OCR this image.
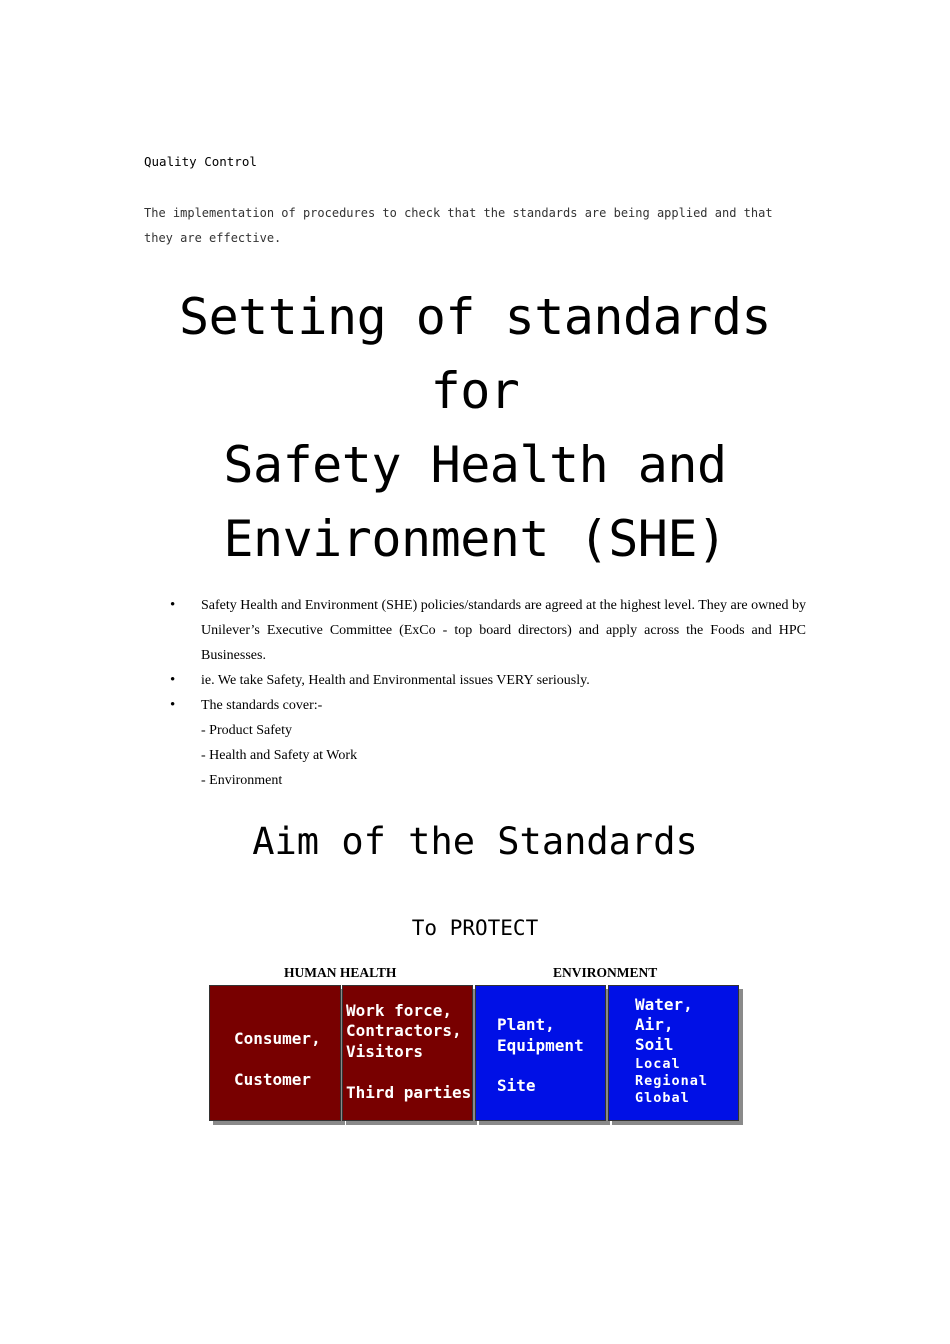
Quality Control
The implementation of procedures to check that the standards are being applied and that they are effective.
Setting of standards
for
Safety Health and
Environment (SHE)
• Safety Health and Environment (SHE) policies/standards are agreed at the highest level. They are owned by Unilever’s Executive Committee (ExCo - top board directors) and apply across the Foods and HPC Businesses.
• ie. We take Safety, Health and Environmental issues VERY seriously.
• The standards cover:-
- Product Safety
- Health and Safety at Work
- Environment
Aim of the Standards
To PROTECT
HUMAN HEALTH	ENVIRONMENT
Consumer,
Customer
Work force,
Contractors,
Visitors
Third parties
Plant,
Equipment
Site
Water,
Air,
Soil
Local
Regional
Global
